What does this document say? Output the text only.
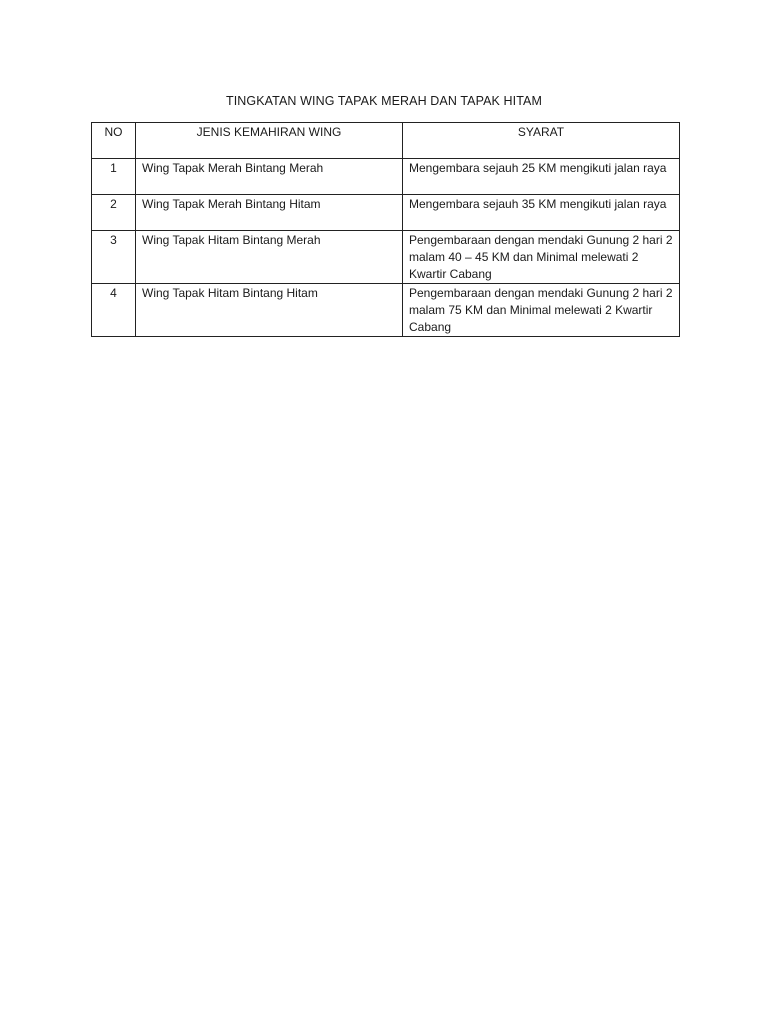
TINGKATAN WING TAPAK MERAH DAN TAPAK HITAM
NO	JENIS KEMAHIRAN WING	SYARAT
1	Wing Tapak Merah Bintang Merah	Mengembara sejauh 25 KM mengikuti jalan raya
2	Wing Tapak Merah Bintang Hitam	Mengembara sejauh 35 KM mengikuti jalan raya
3	Wing Tapak Hitam Bintang Merah	Pengembaraan dengan mendaki Gunung 2 hari 2 malam 40 – 45 KM dan Minimal melewati 2 Kwartir Cabang
4	Wing Tapak Hitam Bintang Hitam	Pengembaraan dengan mendaki Gunung 2 hari 2 malam 75 KM dan Minimal melewati 2 Kwartir Cabang
